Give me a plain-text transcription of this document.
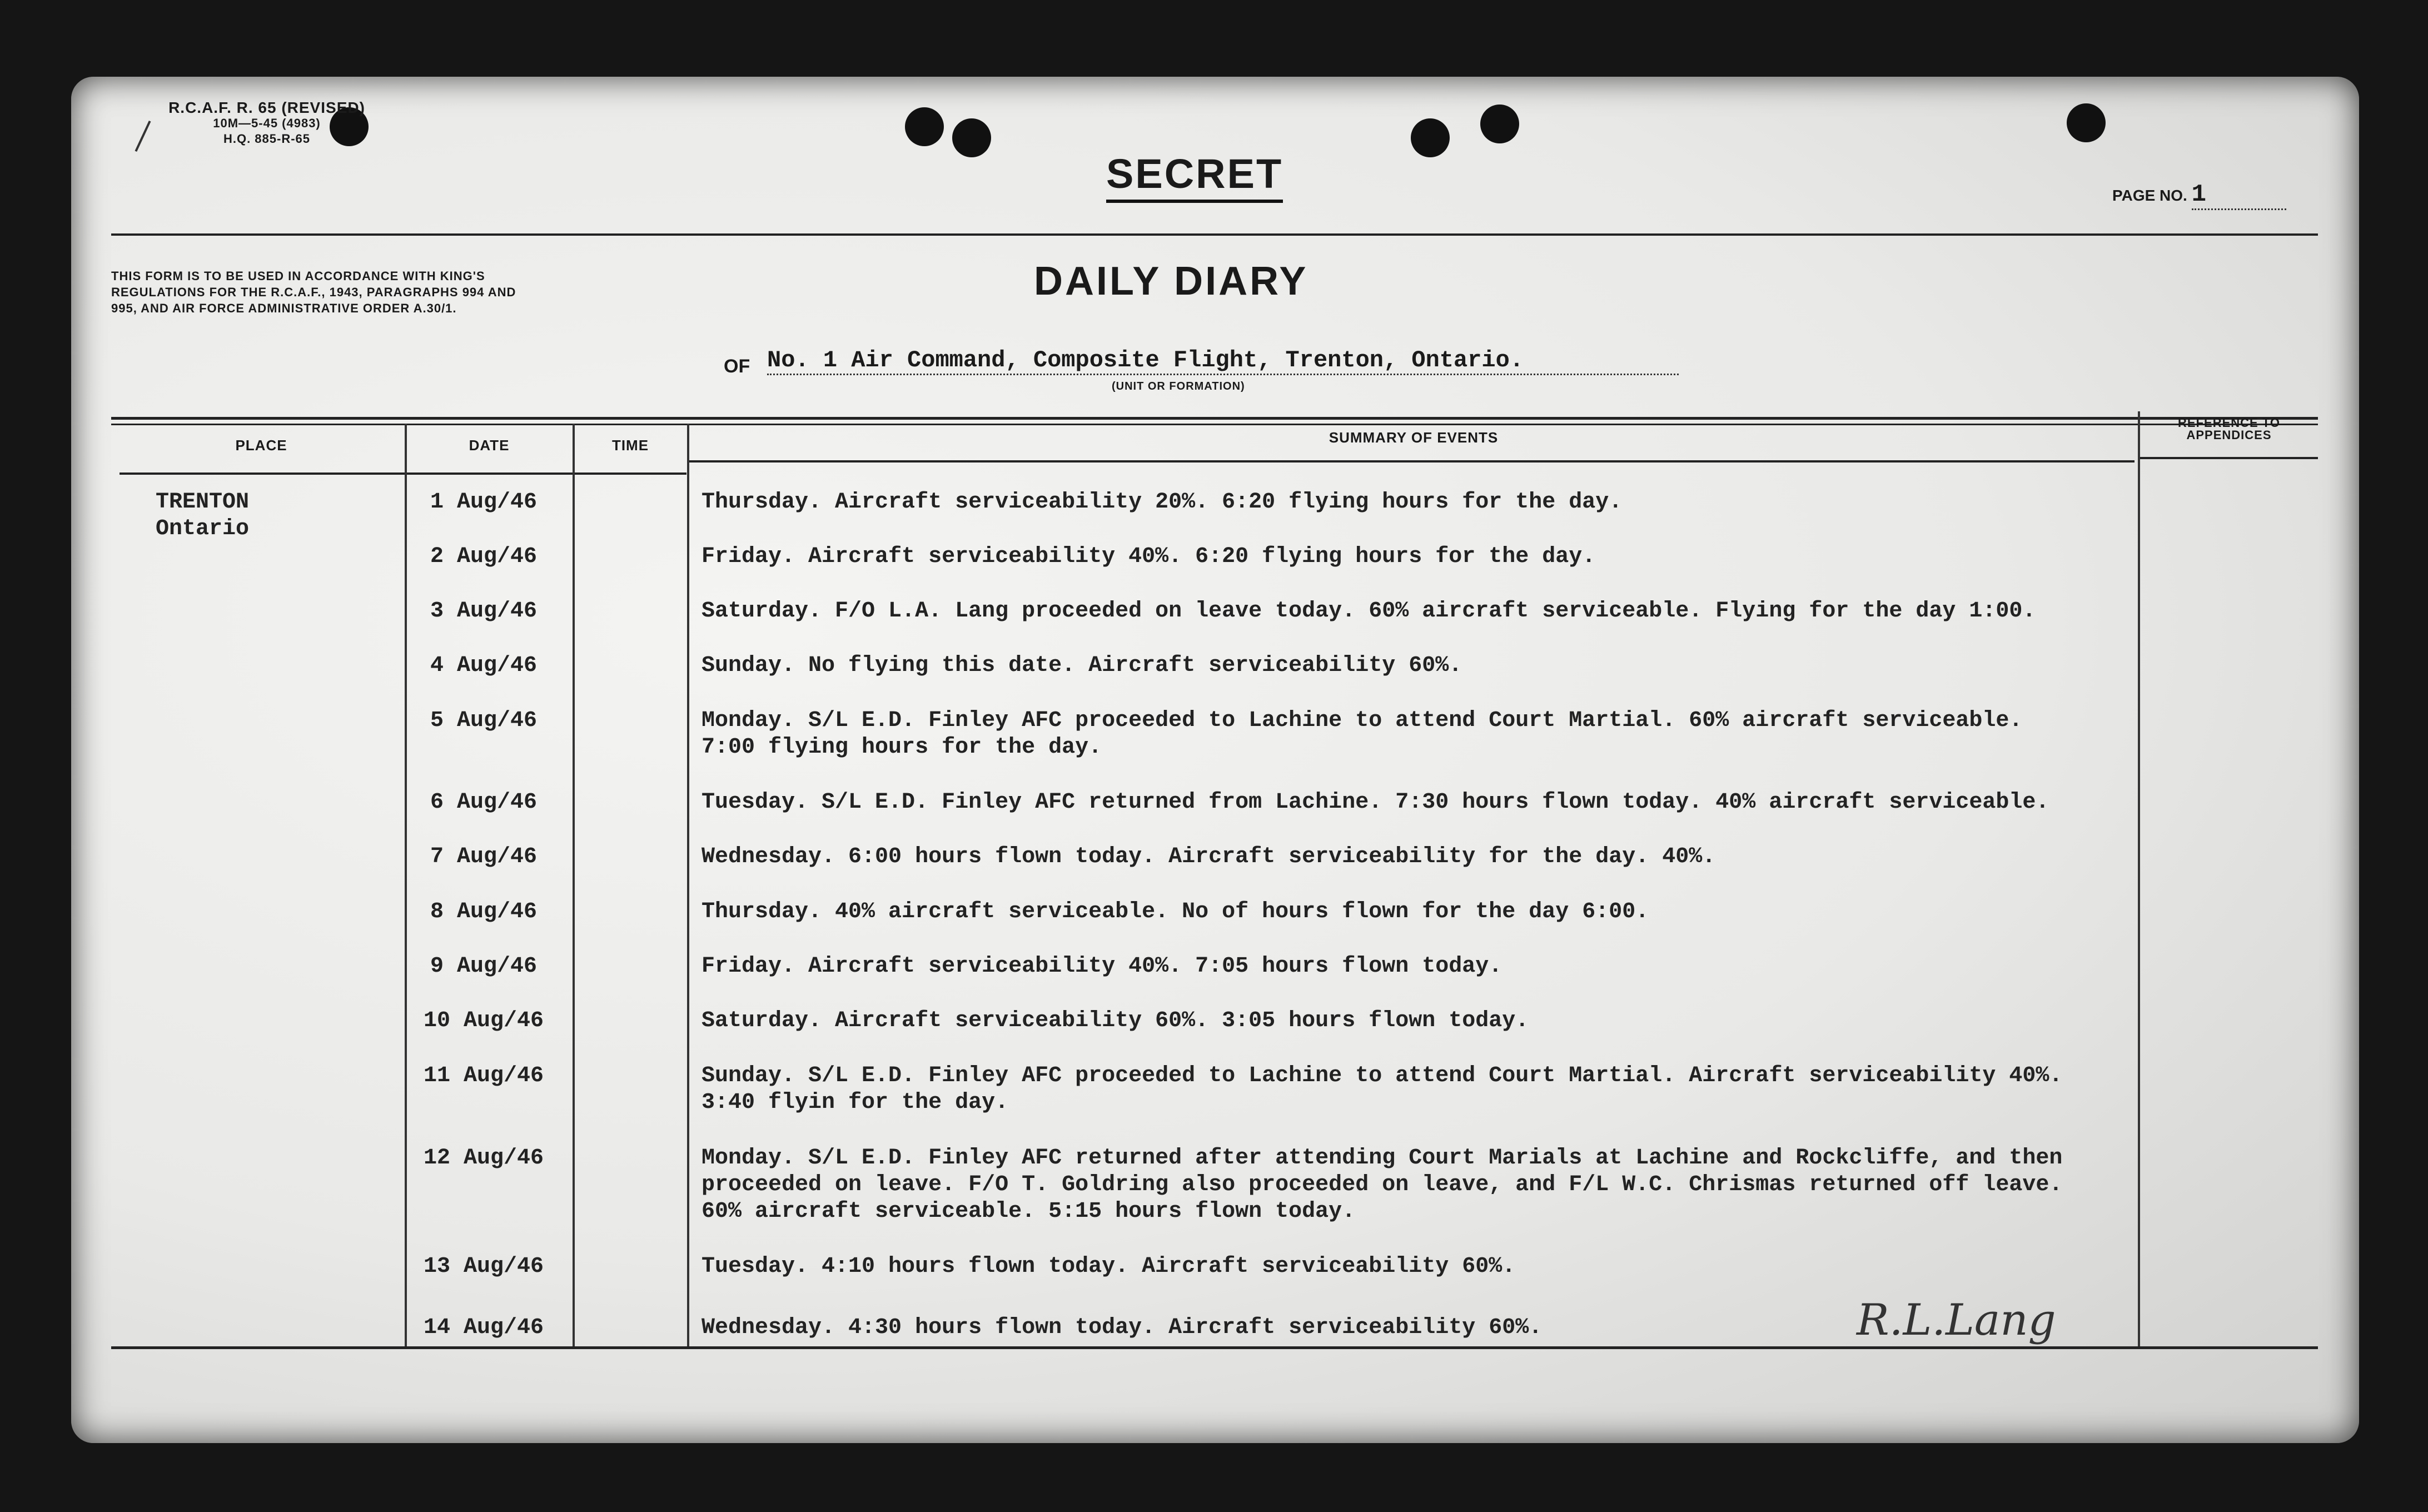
R.C.A.F. R. 65 (REVISED)
10M—5-45 (4983)
H.Q. 885-R-65
SECRET	PAGE NO. 1
THIS FORM IS TO BE USED IN ACCORDANCE WITH KING'S REGULATIONS FOR THE R.C.A.F., 1943, PARAGRAPHS 994 AND 995, AND AIR FORCE ADMINISTRATIVE ORDER A.30/1.
DAILY DIARY
OF No. 1 Air Command, Composite Flight, Trenton, Ontario.
(UNIT OR FORMATION)
PLACE	DATE	TIME	SUMMARY OF EVENTS
REFERENCE TO APPENDICES
TRENTON
Ontario
1 Aug/46	Thursday. Aircraft serviceability 20%. 6:20 flying hours for the day.
2 Aug/46	Friday. Aircraft serviceability 40%. 6:20 flying hours for the day.
3 Aug/46	Saturday. F/O L.A. Lang proceeded on leave today. 60% aircraft serviceable. Flying for the day 1:00.
4 Aug/46	Sunday. No flying this date. Aircraft serviceability 60%.
5 Aug/46	Monday. S/L E.D. Finley AFC proceeded to Lachine to attend Court Martial. 60% aircraft serviceable.
7:00 flying hours for the day.
6 Aug/46	Tuesday. S/L E.D. Finley AFC returned from Lachine. 7:30 hours flown today. 40% aircraft serviceable.
7 Aug/46	Wednesday. 6:00 hours flown today. Aircraft serviceability for the day. 40%.
8 Aug/46	Thursday. 40% aircraft serviceable. No of hours flown for the day 6:00.
9 Aug/46	Friday. Aircraft serviceability 40%. 7:05 hours flown today.
10 Aug/46	Saturday. Aircraft serviceability 60%. 3:05 hours flown today.
11 Aug/46	Sunday. S/L E.D. Finley AFC proceeded to Lachine to attend Court Martial. Aircraft serviceability 40%.
3:40 flyin for the day.
12 Aug/46	Monday. S/L E.D. Finley AFC returned after attending Court Marials at Lachine and Rockcliffe, and then
proceeded on leave. F/O T. Goldring also proceeded on leave, and F/L W.C. Chrismas returned off leave.
60% aircraft serviceable. 5:15 hours flown today.
13 Aug/46	Tuesday. 4:10 hours flown today. Aircraft serviceability 60%.
14 Aug/46	Wednesday. 4:30 hours flown today. Aircraft serviceability 60%.	R.L.Lang
